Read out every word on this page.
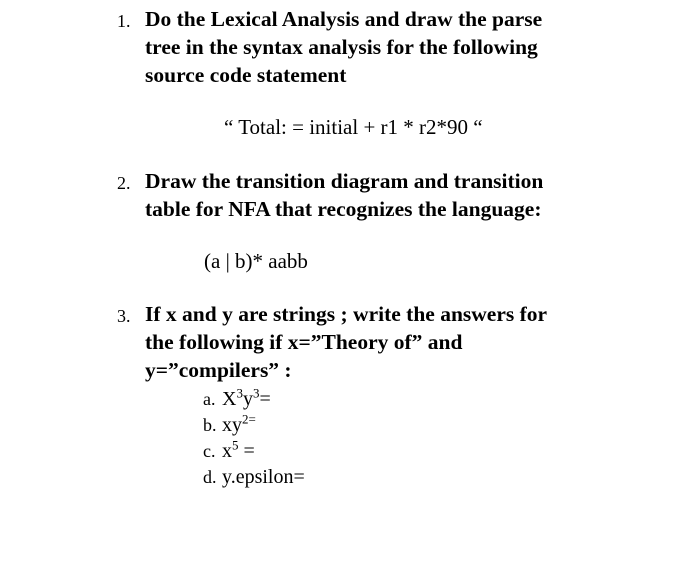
1. Do the Lexical Analysis and draw the parse
tree in the syntax analysis for the following
source code statement
“ Total: = initial + r1 * r2*90 “
2. Draw the transition diagram and transition
table for NFA that recognizes the language:
(a | b)* aabb
3. If x and y are strings ; write the answers for
the following if x=”Theory of” and
y=”compilers” :
a. $X^3y^3=$
b. $xy^{2=}$
c. $x^5$ =
d. y.epsilon=
